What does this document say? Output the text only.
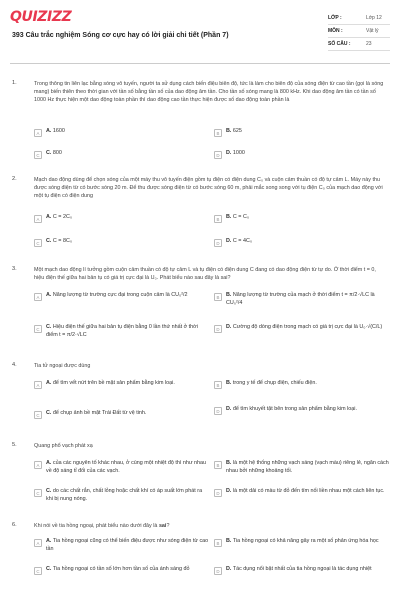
QUIZIZZ
393 Câu trắc nghiệm Sóng cơ cực hay có lời giải chi tiết (Phần 7)
LỚP :	Lớp 12
MÔN :	Vật lý
SỐ CÂU :	23
1.	Trong thông tin liên lạc bằng sóng vô tuyến, người ta sử dụng cách biến điệu biên độ, tức là làm cho biên độ của sóng điện từ cao tần (gọi là sóng mang) biến thiên theo thời gian với tần số bằng tần số của dao động âm tần. Cho tần số sóng mang là 800 kHz. Khi dao động âm tần có tần số 1000 Hz thực hiện một dao động toàn phần thì dao động cao tần thực hiện được số dao động toàn phần là
A	A. 1600	B	B. 625
C	C. 800	D	D. 1000
2.	Mạch dao động dùng để chọn sóng của một máy thu vô tuyến điện gồm tụ điện có điện dung C₀ và cuộn cảm thuần có độ tự cảm L. Máy này thu được sóng điện từ có bước sóng 20 m. Để thu được sóng điện từ có bước sóng 60 m, phải mắc song song với tụ điện C₀ của mạch dao động với một tụ điện có điện dung
A	A. C = 2C₀	B	B. C = C₀
C	C. C = 8C₀	D	D. C = 4C₀
3.	Một mạch dao động lí tưởng gồm cuộn cảm thuần có độ tự cảm L và tụ điện có điện dung C đang có dao động điện từ tự do. Ở thời điểm t = 0, hiệu điện thế giữa hai bản tụ có giá trị cực đại là U₀. Phát biểu nào sau đây là sai?
A	A. Năng lượng từ trường cực đại trong cuộn cảm là CU₀²/2	B	B. Năng lượng từ trường của mạch ở thời điểm t = π/2·√LC là CU₀²/4
C	C. Hiệu điện thế giữa hai bản tụ điện bằng 0 lần thứ nhất ở thời điểm t = π/2·√LC
D	D. Cường độ dòng điện trong mạch có giá trị cực đại là U₀·√(C/L)
4.	Tia tử ngoại được dùng
A	A. để tìm vết nứt trên bề mặt sản phẩm bằng kim loại.	B	B. trong y tế để chụp điện, chiếu điện.
C	C. để chụp ảnh bề mặt Trái Đất từ vệ tinh.	D	D. để tìm khuyết tật bên trong sản phẩm bằng kim loại.
5.	Quang phổ vạch phát xạ
A	A. của các nguyên tố khác nhau, ở cùng một nhiệt độ thì như nhau về độ sáng tỉ đối của các vạch.
B	B. là một hệ thống những vạch sáng (vạch màu) riêng lẻ, ngăn cách nhau bởi những khoảng tối.
C	C. do các chất rắn, chất lỏng hoặc chất khí có áp suất lớn phát ra khi bị nung nóng.
D	D. là một dải có màu từ đỏ đến tím nối liền nhau một cách liên tục.
6.	Khi nói về tia hồng ngoại, phát biểu nào dưới đây là sai?
A	A. Tia hồng ngoại cũng có thể biến điệu được như sóng điện từ cao tần
B	B. Tia hồng ngoại có khả năng gây ra một số phản ứng hóa học
C	C. Tia hồng ngoại có tần số lớn hơn tần số của ánh sáng đỏ	D	D. Tác dụng nổi bật nhất của tia hồng ngoại là tác dụng nhiệt
